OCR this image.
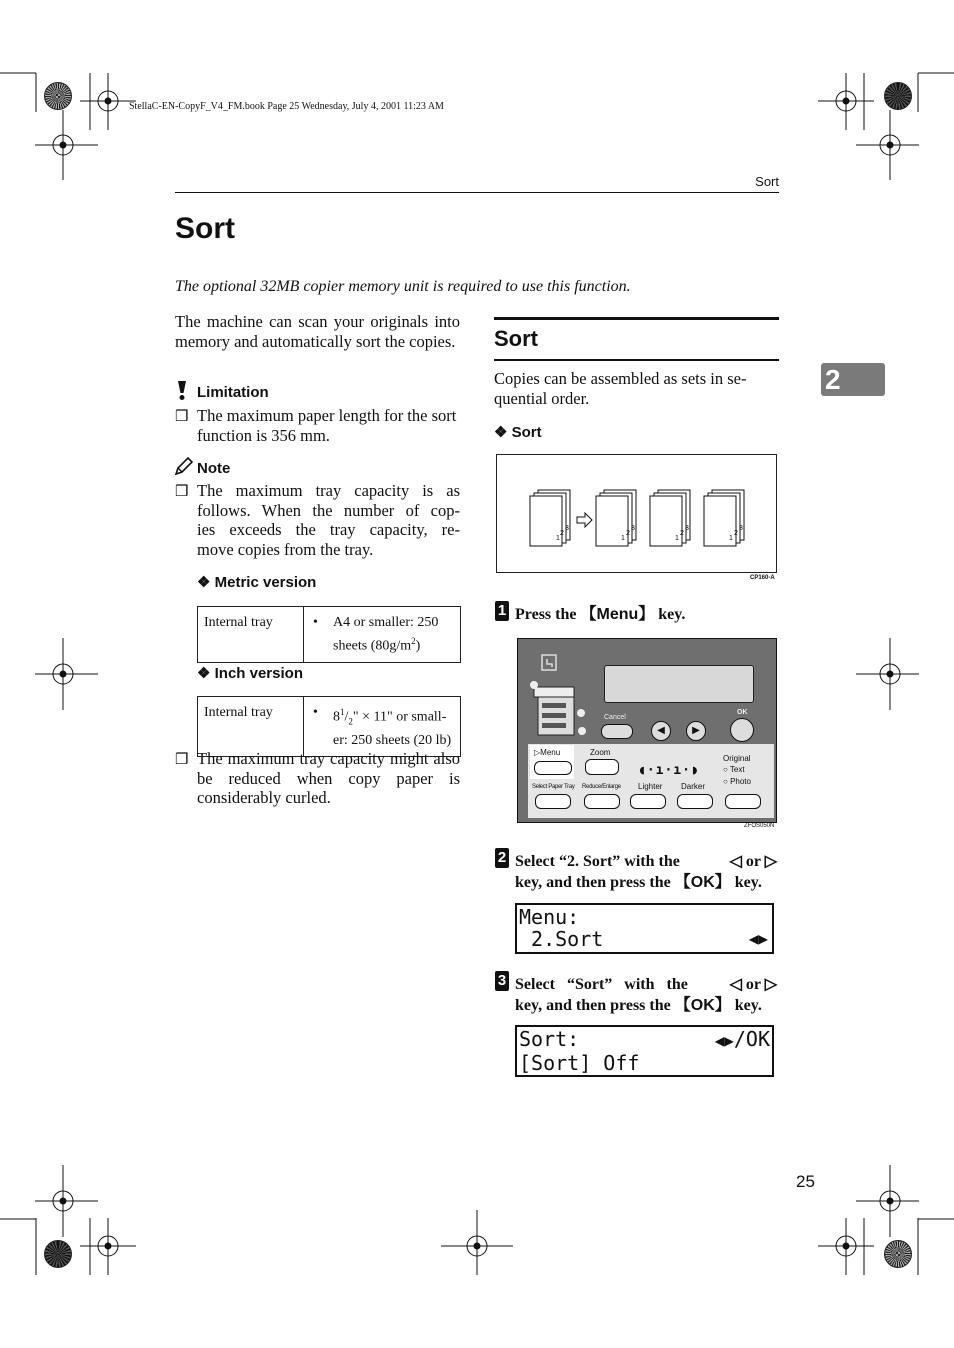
StellaC-EN-CopyF_V4_FM.book Page 25 Wednesday, July 4, 2001 11:23 AM
Sort
Sort
The optional 32MB copier memory unit is required to use this function.
2
The machine can scan your originals into memory and automatically sort the copies.
Limitation
❒ The maximum paper length for the sort function is 356 mm.
Note
❒ The maximum tray capacity is as
follows. When the number of cop-
ies exceeds the tray capacity, re-
move copies from the tray.
❖ Metric version
Internal tray	•	A4 or smaller: 250
sheets $(80g/m^2)$
❖ Inch version
Internal tray	•	$8^1/_2$" × 11" or small-
er: 250 sheets (20 lb)
❒ The maximum tray capacity might also be reduced when copy paper is considerably curled.
Sort
Copies can be assembled as sets in se-
quential order.
❖ Sort
1
2
3
1
2
3
1
2
3
1
2
3
CP160-A
1 Press the 【Menu】 key.
Cancel
◀	▶
OK
▷Menu	Zoom
◖·ı·ı·◗
Original
○ Text
○ Photo
Select Paper Tray Reduce/Enlarge Lighter Darker
ZFOS050N
2 Select “2. Sort” with the	◁ or ▷
key, and then press the 【OK】 key.
Menu:
2.Sort	◀▶
3 Select “Sort” with the	◁ or ▷
key, and then press the 【OK】 key.
Sort:	◀▶/OK
[Sort] Off
25
